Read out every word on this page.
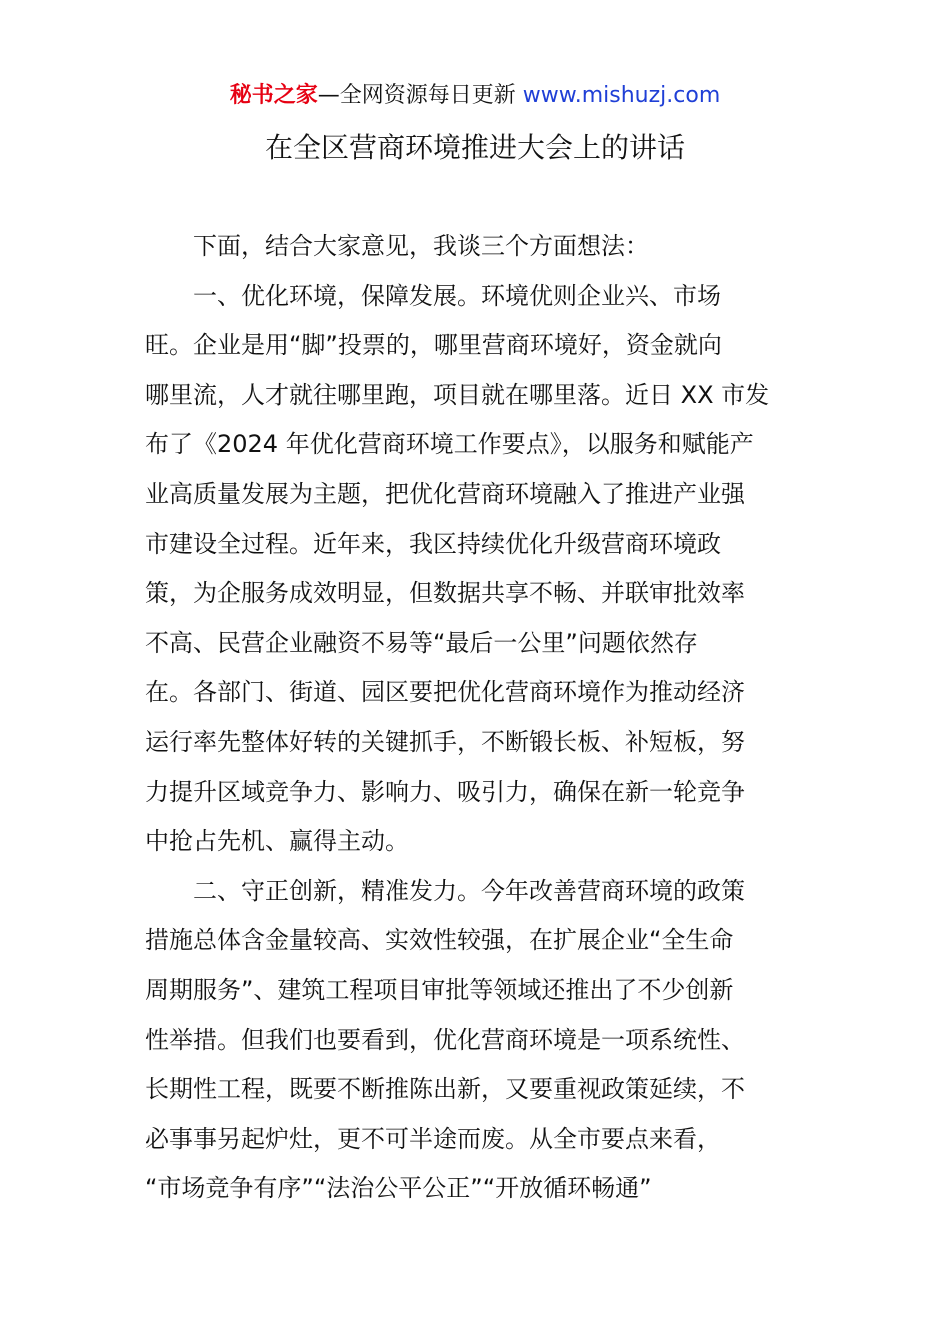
秘书之家—全网资源每日更新 www.mishuzj.com
在全区营商环境推进大会上的讲话

下面，结合大家意见，我谈三个方面想法：

一、优化环境，保障发展。环境优则企业兴、市场

旺。企业是用“脚”投票的，哪里营商环境好，资金就向

哪里流，人才就往哪里跑，项目就在哪里落。近日 XX 市发

布了《2024 年优化营商环境工作要点》，以服务和赋能产

业高质量发展为主题，把优化营商环境融入了推进产业强

市建设全过程。近年来，我区持续优化升级营商环境政

策，为企服务成效明显，但数据共享不畅、并联审批效率

不高、民营企业融资不易等“最后一公里”问题依然存

在。各部门、街道、园区要把优化营商环境作为推动经济

运行率先整体好转的关键抓手，不断锻长板、补短板，努

力提升区域竞争力、影响力、吸引力，确保在新一轮竞争

中抢占先机、赢得主动。

二、守正创新，精准发力。今年改善营商环境的政策

措施总体含金量较高、实效性较强，在扩展企业“全生命

周期服务”、建筑工程项目审批等领域还推出了不少创新

性举措。但我们也要看到，优化营商环境是一项系统性、

长期性工程，既要不断推陈出新，又要重视政策延续，不

必事事另起炉灶，更不可半途而废。从全市要点来看，

“市场竞争有序”“法治公平公正”“开放循环畅通”
